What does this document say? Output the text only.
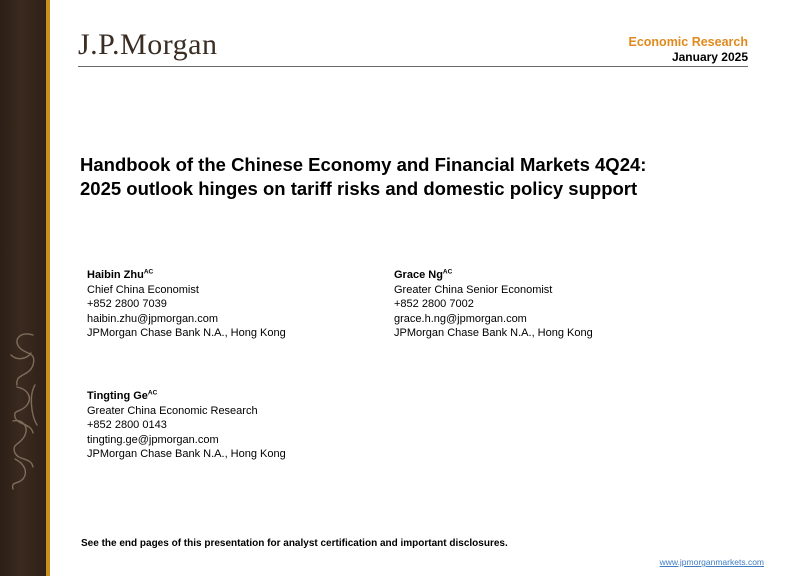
J.P.Morgan	Economic Research
January 2025
Handbook of the Chinese Economy and Financial Markets 4Q24:
2025 outlook hinges on tariff risks and domestic policy support
Haibin Zhu$^{AC}$
Chief China Economist
+852 2800 7039
haibin.zhu@jpmorgan.com
JPMorgan Chase Bank N.A., Hong Kong
Grace $Ng^{AC}$
Greater China Senior Economist
+852 2800 7002
grace.h.ng@jpmorgan.com
JPMorgan Chase Bank N.A., Hong Kong
Tingting $Ge^{AC}$
Greater China Economic Research
+852 2800 0143
tingting.ge@jpmorgan.com
JPMorgan Chase Bank N.A., Hong Kong
See the end pages of this presentation for analyst certification and important disclosures.
www.jpmorganmarkets.com
